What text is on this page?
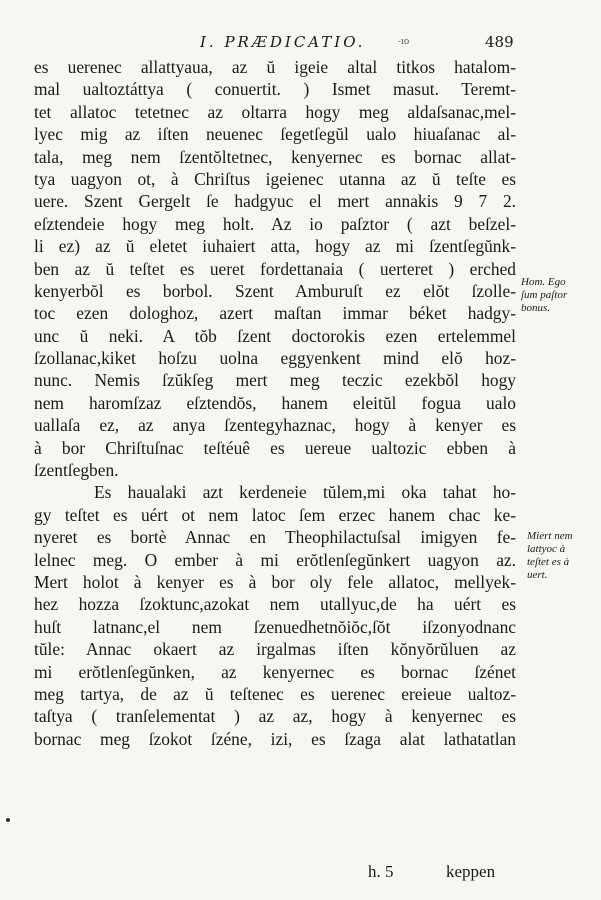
-ıo
I. PRÆDICATIO.	489
es uerenec allattyaua, az ŭ igeie altal titkos hatalom-
mal ualtoztáttya ( conuertit. ) Ismet masut. Teremt-
tet allatoc tetetnec az oltarra hogy meg aldaſsanac,mel-
lyec mig az iſten neuenec ſegetſegŭl ualo hiuaſanac al-
tala, meg nem ſzentŏltetnec, kenyernec es bornac allat-
tya uagyon ot, à Chriſtus igeienec utanna az ŭ teſte es
uere. Szent Gergelt ſe hadgyuc el mert annakis 9 7 2.
eſztendeie hogy meg holt. Az io paſztor ( azt beſzel-
li ez) az ŭ eletet iuhaiert atta, hogy az mi ſzentſegŭnk-
ben az ŭ teſtet es ueret fordettanaia ( uerteret ) erched
kenyerbŏl es borbol. Szent Amburuſt ez elŏt ſzolle-
toc ezen dologhoz, azert maſtan immar béket hadgy-
unc ŭ neki. A tŏb ſzent doctorokis ezen ertelemmel
ſzollanac,kiket hoſzu uolna eggyenkent mind elŏ hoz-
nunc. Nemis ſzŭkſeg mert meg teczic ezekbŏl hogy
nem haromſzaz eſztendŏs, hanem eleitŭl fogua ualo
uallaſa ez, az anya ſzentegyhaznac, hogy à kenyer es
à bor Chriſtuſnac teſtéuê es uereue ualtozic ebben à
ſzentſegben.
Es haualaki azt kerdeneie tŭlem,mi oka tahat ho-
gy teſtet es uért ot nem latoc ſem erzec hanem chac ke-
nyeret es bortè Annac en Theophilactuſsal imigyen fe-
lelnec meg. O ember à mi erŏtlenſegŭnkert uagyon az.
Mert holot à kenyer es à bor oly fele allatoc, mellyek-
hez hozza ſzoktunc,azokat nem utallyuc,de ha uért es
huſt latnanc,el nem ſzenuedhetnŏiŏc,ſŏt iſzonyodnanc
tŭle: Annac okaert az irgalmas iſten kŏnyŏrŭluen az
mi erŏtlenſegŭnken, az kenyernec es bornac ſzénet
meg tartya, de az ŭ teſtenec es uerenec ereieue ualtoz-
taſtya ( tranſelementat ) az az, hogy à kenyernec es
bornac meg ſzokot ſzéne, izi, es ſzaga alat lathatatlan
Hom. Ego
ſum paſtor
bonus.
Miert nem
lattyoc à
teſtet es à
uert.
h. 5	keppen
